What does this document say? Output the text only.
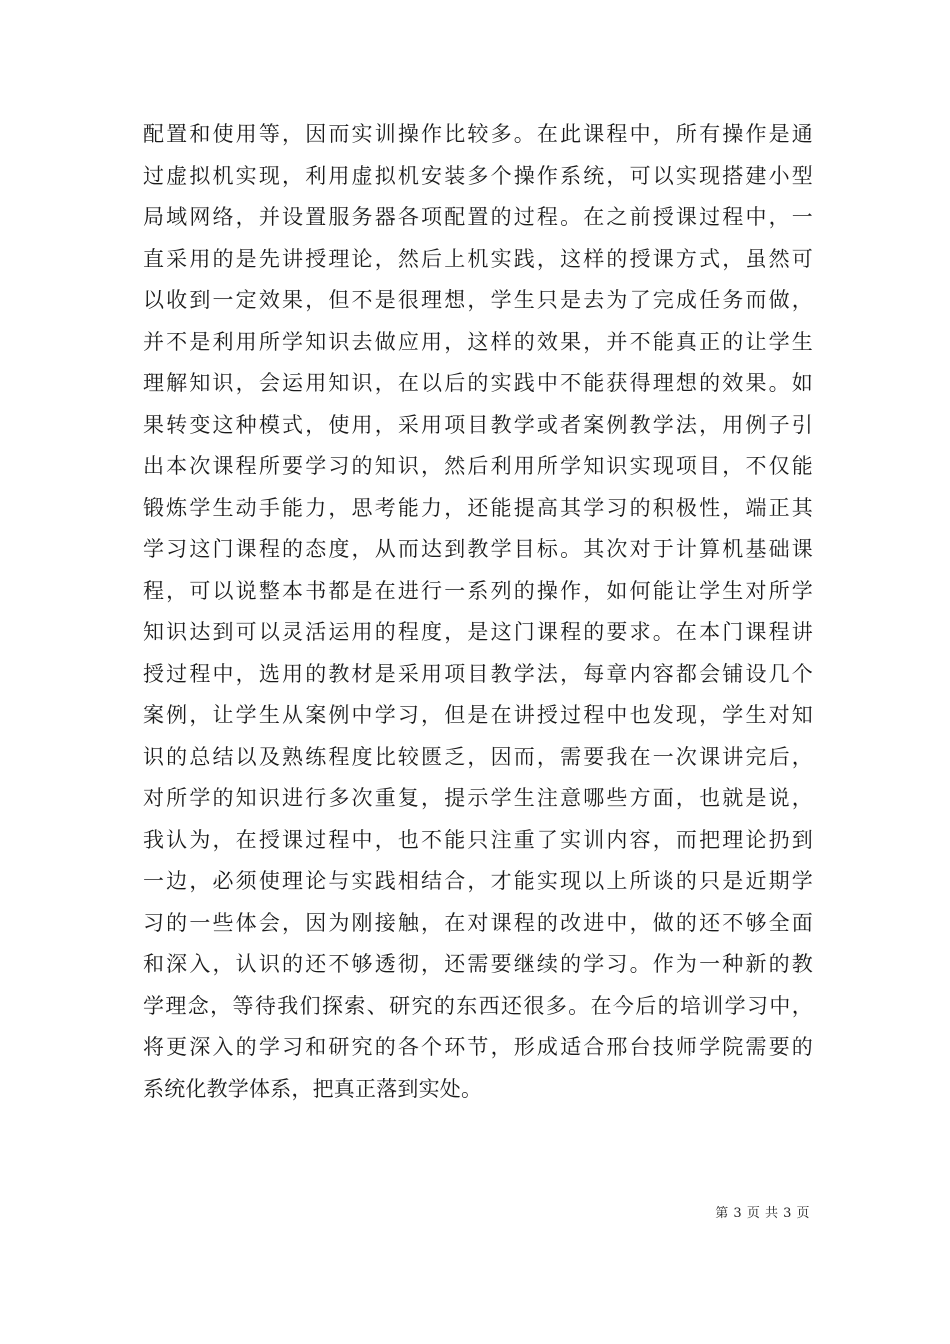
配置和使用等，因而实训操作比较多。在此课程中，所有操作是通
过虚拟机实现，利用虚拟机安装多个操作系统，可以实现搭建小型
局域网络，并设置服务器各项配置的过程。在之前授课过程中，一
直采用的是先讲授理论，然后上机实践，这样的授课方式，虽然可
以收到一定效果，但不是很理想，学生只是去为了完成任务而做，
并不是利用所学知识去做应用，这样的效果，并不能真正的让学生
理解知识，会运用知识，在以后的实践中不能获得理想的效果。如
果转变这种模式，使用，采用项目教学或者案例教学法，用例子引
出本次课程所要学习的知识，然后利用所学知识实现项目，不仅能
锻炼学生动手能力，思考能力，还能提高其学习的积极性，端正其
学习这门课程的态度，从而达到教学目标。其次对于计算机基础课
程，可以说整本书都是在进行一系列的操作，如何能让学生对所学
知识达到可以灵活运用的程度，是这门课程的要求。在本门课程讲
授过程中，选用的教材是采用项目教学法，每章内容都会铺设几个
案例，让学生从案例中学习，但是在讲授过程中也发现，学生对知
识的总结以及熟练程度比较匮乏，因而，需要我在一次课讲完后，
对所学的知识进行多次重复，提示学生注意哪些方面，也就是说，
我认为，在授课过程中，也不能只注重了实训内容，而把理论扔到
一边，必须使理论与实践相结合，才能实现以上所谈的只是近期学
习的一些体会，因为刚接触，在对课程的改进中，做的还不够全面
和深入，认识的还不够透彻，还需要继续的学习。作为一种新的教
学理念，等待我们探索、研究的东西还很多。在今后的培训学习中，
将更深入的学习和研究的各个环节，形成适合邢台技师学院需要的
系统化教学体系，把真正落到实处。
第 3 页 共 3 页
